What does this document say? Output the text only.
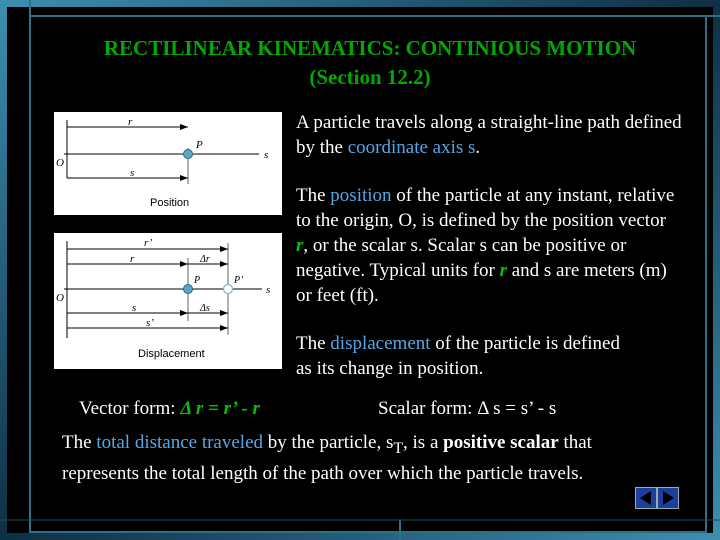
RECTILINEAR KINEMATICS: CONTINIOUS MOTION
(Section 12.2)
r
O
P
s
s
Position
r’
Δr
r
P	P’
O
s
s	Δs
s’
Displacement
A particle travels along a straight-line path defined by the coordinate axis s.
The position of the particle at any instant, relative to the origin, O, is defined by the position vector r, or the scalar s. Scalar s can be positive or negative. Typical units for r and s are meters (m) or feet (ft).
The displacement of the particle is defined as its change in position.
Vector form: Δ r = r’ - r	Scalar form: Δ s = s’ - s
The total distance traveled by the particle, $s_T$, is a positive scalar that represents the total length of the path over which the particle travels.
